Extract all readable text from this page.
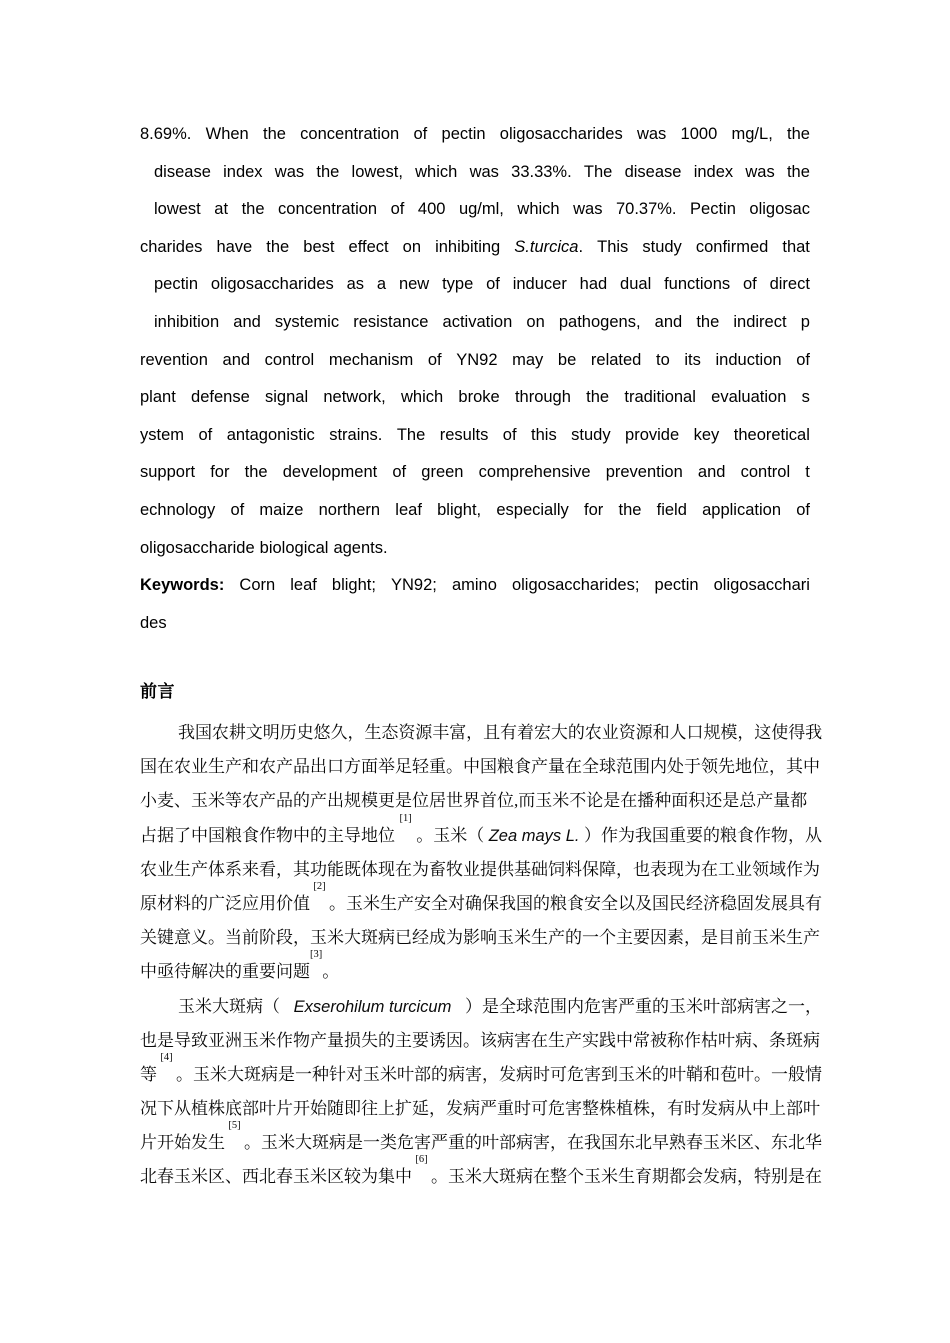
8.69%. When the concentration of pectin oligosaccharides was 1000 mg/L, the
disease index was the lowest, which was 33.33%. The disease index was the
lowest at the concentration of 400 ug/ml, which was 70.37%. Pectin oligosac
charides have the best effect on inhibiting S.turcica. This study confirmed that
pectin oligosaccharides as a new type of inducer had dual functions of direct
inhibition and systemic resistance activation on pathogens, and the indirect p
revention and control mechanism of YN92 may be related to its induction of
plant defense signal network, which broke through the traditional evaluation s
ystem of antagonistic strains. The results of this study provide key theoretical
support for the development of green comprehensive prevention and control t
echnology of maize northern leaf blight, especially for the field application of
oligosaccharide biological agents.
Keywords: Corn leaf blight; YN92; amino oligosaccharides; pectin oligosacchari
des
前言
我国农耕文明历史悠久，生态资源丰富，且有着宏大的农业资源和人口规模，这使得我
国在农业生产和农产品出口方面举足轻重。中国粮食产量在全球范围内处于领先地位，其中
小麦、玉米等农产品的产出规模更是位居世界首位,而玉米不论是在播种面积还是总产量都
占据了中国粮食作物中的主导地位
[1]
。玉米（ Zea mays L. ）作为我国重要的粮食作物，从
农业生产体系来看，其功能既体现在为畜牧业提供基础饲料保障，也表现为在工业领域作为
原材料的广泛应用价值
[2]
。玉米生产安全对确保我国的粮食安全以及国民经济稳固发展具有
关键意义。当前阶段，玉米大斑病已经成为影响玉米生产的一个主要因素，是目前玉米生产
中亟待解决的重要问题
[3]
。
玉米大斑病（ Exserohilum turcicum ）是全球范围内危害严重的玉米叶部病害之一，
也是导致亚洲玉米作物产量损失的主要诱因。该病害在生产实践中常被称作枯叶病、条斑病
等
[4]
。玉米大斑病是一种针对玉米叶部的病害，发病时可危害到玉米的叶鞘和苞叶。一般情
况下从植株底部叶片开始随即往上扩延，发病严重时可危害整株植株，有时发病从中上部叶
片开始发生
[5]
。玉米大斑病是一类危害严重的叶部病害，在我国东北早熟春玉米区、东北华
北春玉米区、西北春玉米区较为集中
[6]
。玉米大斑病在整个玉米生育期都会发病，特别是在
